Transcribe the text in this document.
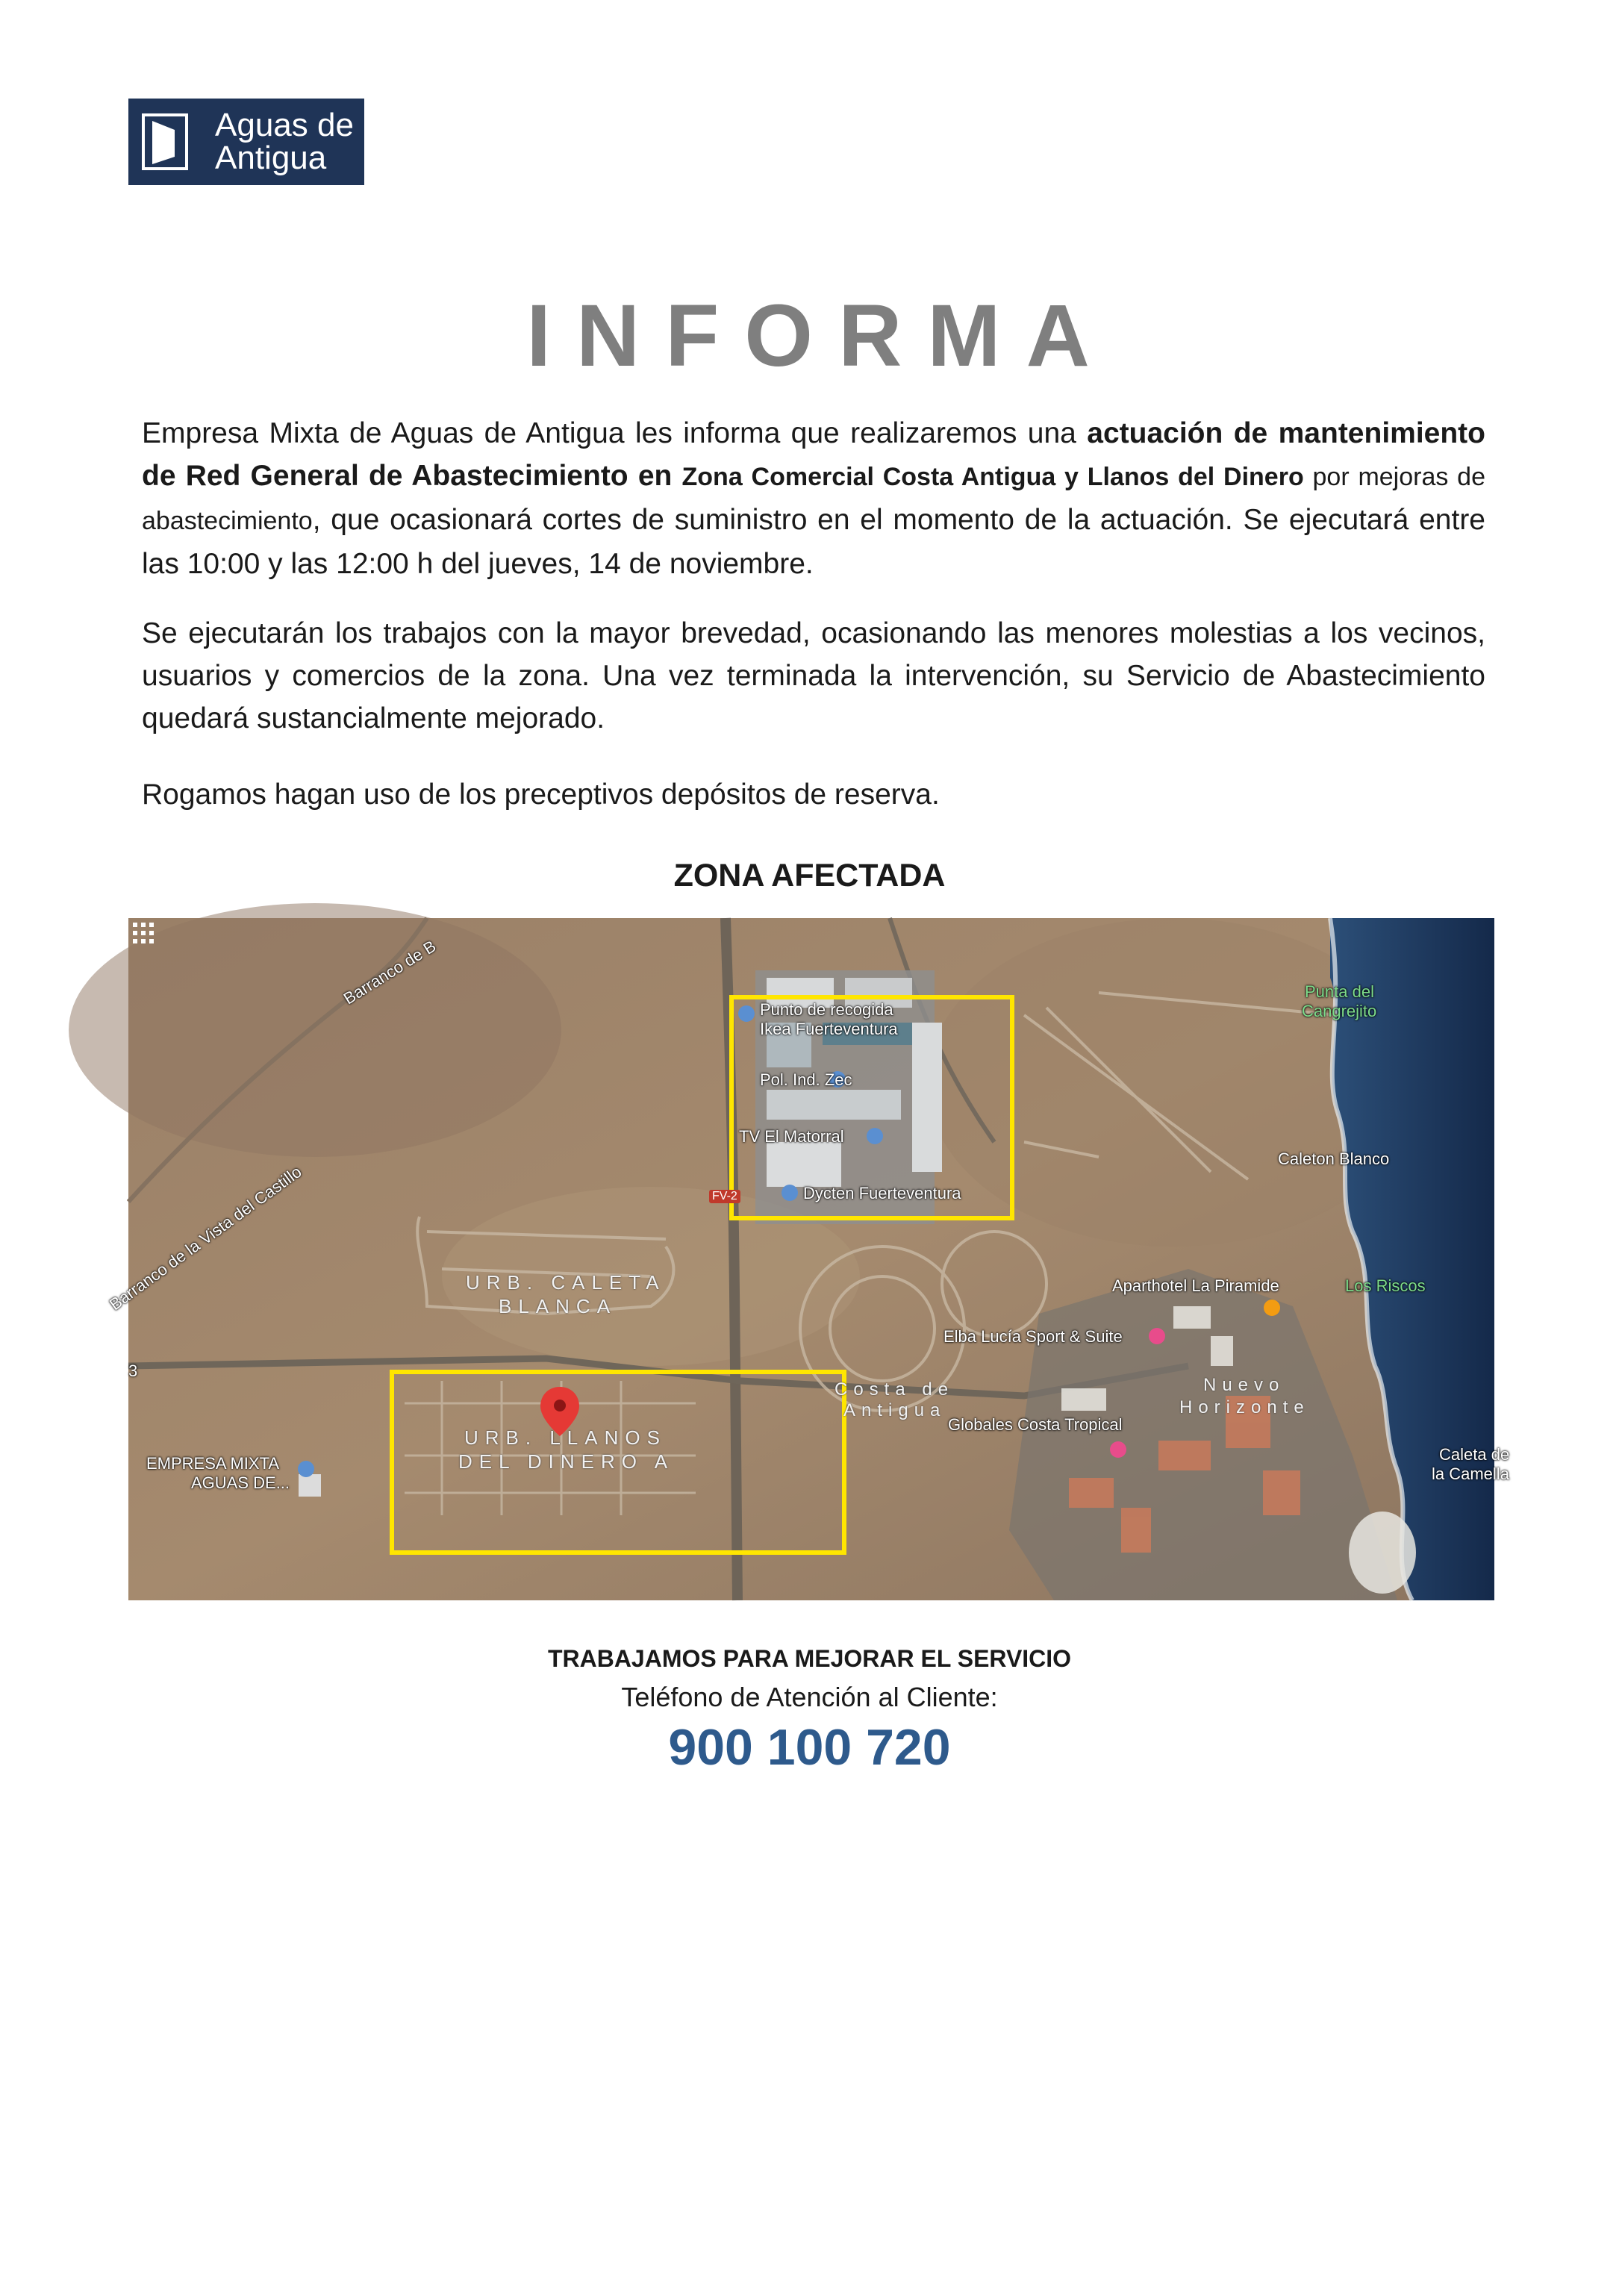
Aguas de
Antigua
INFORMA
Empresa Mixta de Aguas de Antigua les informa que realizaremos una actuación de mantenimiento de Red General de Abastecimiento en Zona Comercial Costa Antigua y Llanos del Dinero por mejoras de abastecimiento, que ocasionará cortes de suministro en el momento de la actuación. Se ejecutará entre las 10:00 y las 12:00 h del jueves, 14 de noviembre.
Se ejecutarán los trabajos con la mayor brevedad, ocasionando las menores molestias a los vecinos, usuarios y comercios de la zona. Una vez terminada la intervención, su Servicio de Abastecimiento quedará sustancialmente mejorado.
Rogamos hagan uso de los preceptivos depósitos de reserva.
ZONA AFECTADA
Barranco de B
Barranco de la Vista del Castillo
Punto de recogida
Ikea Fuerteventura
Pol. Ind. Zec
TV El Matorral
Dycten Fuerteventura
FV-2
Punta del
Cangrejito
Caleton Blanco
Aparthotel La Piramide	Los Riscos
Elba Lucía Sport & Suite
Costa de
Antigua
Globales Costa Tropical
Nuevo
Horizonte
Caleta de
la Camella
URB. CALETA
BLANCA
URB. LLANOS
DEL DINERO A
EMPRESA MIXTA
AGUAS DE...
3
TRABAJAMOS PARA MEJORAR EL SERVICIO
Teléfono de Atención al Cliente:
900 100 720
